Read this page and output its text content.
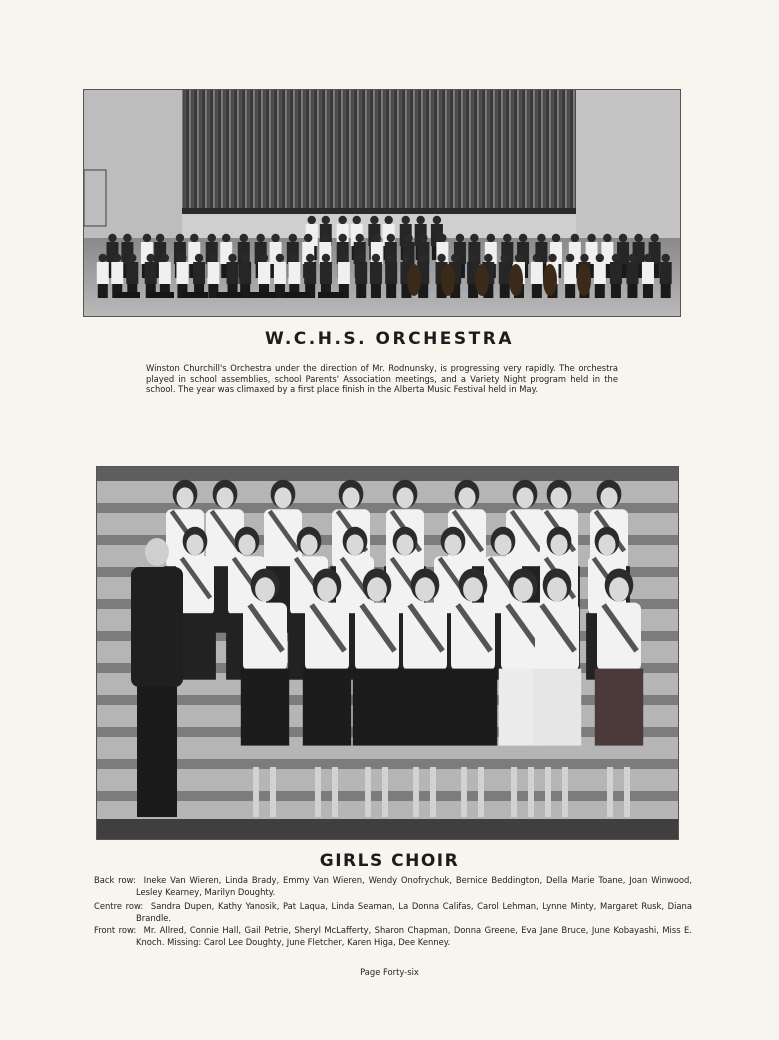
W.C.H.S. ORCHESTRA
Winston Churchill's Orchestra under the direction of Mr. Rodnunsky, is progressing very rapidly. The orchestra played in school assemblies, school Parents' Association meetings, and a Variety Night program held in the school. The year was climaxed by a first place finish in the Alberta Music Festival held in May.
GIRLS CHOIR
Back row: Ineke Van Wieren, Linda Brady, Emmy Van Wieren, Wendy Onofrychuk, Bernice Beddington, Della Marie Toane, Joan Winwood, Lesley Kearney, Marilyn Doughty.
Centre row: Sandra Dupen, Kathy Yanosik, Pat Laqua, Linda Seaman, La Donna Califas, Carol Lehman, Lynne Minty, Margaret Rusk, Diana Brandle.
Front row: Mr. Allred, Connie Hall, Gail Petrie, Sheryl McLafferty, Sharon Chapman, Donna Greene, Eva Jane Bruce, June Kobayashi, Miss E. Knoch. Missing: Carol Lee Doughty, June Fletcher, Karen Higa, Dee Kenney.
Page Forty-six
